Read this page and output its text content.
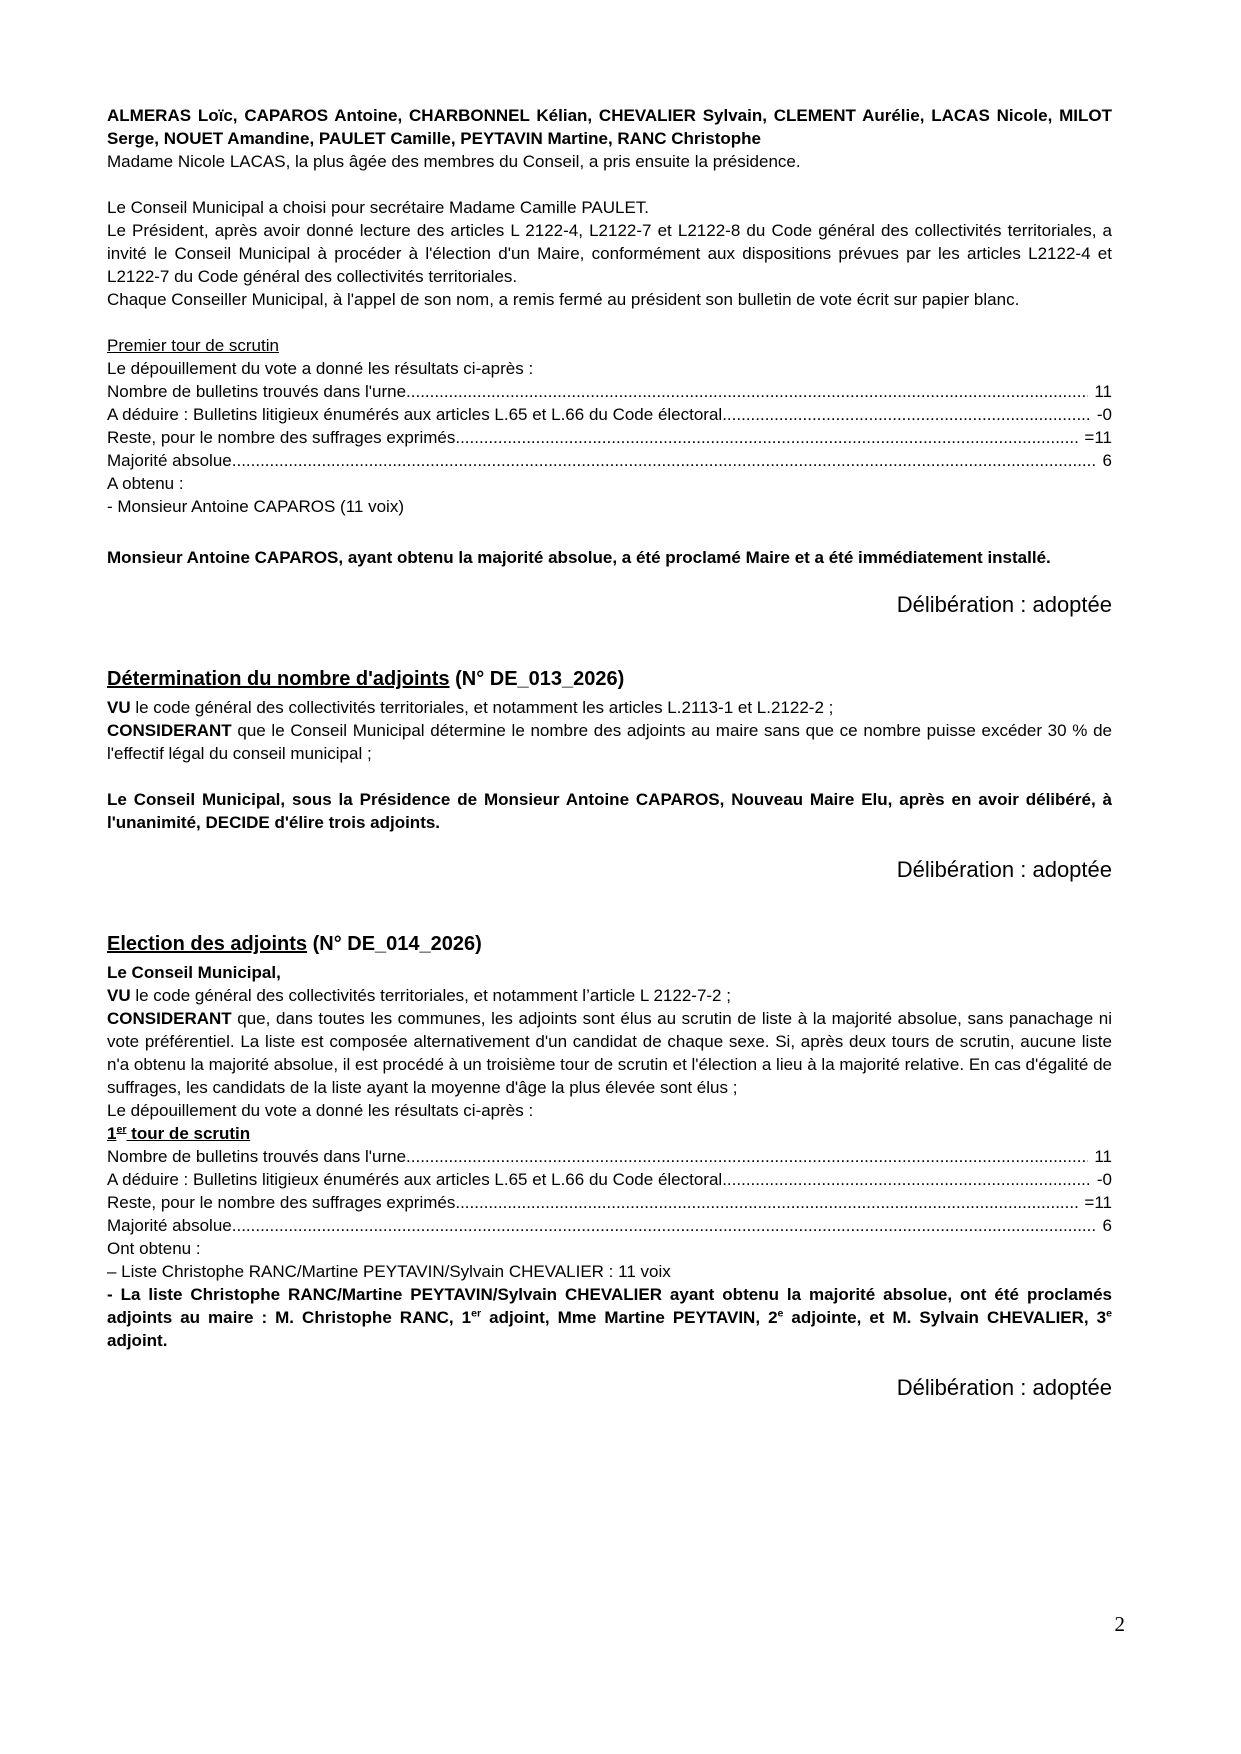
ALMERAS Loïc, CAPAROS Antoine, CHARBONNEL Kélian, CHEVALIER Sylvain, CLEMENT Aurélie, LACAS Nicole, MILOT Serge, NOUET Amandine, PAULET Camille, PEYTAVIN Martine, RANC Christophe
Madame Nicole LACAS, la plus âgée des membres du Conseil, a pris ensuite la présidence.
Le Conseil Municipal a choisi pour secrétaire Madame Camille PAULET.
Le Président, après avoir donné lecture des articles L 2122-4, L2122-7 et L2122-8 du Code général des collectivités territoriales, a invité le Conseil Municipal à procéder à l'élection d'un Maire, conformément aux dispositions prévues par les articles L2122-4 et L2122-7 du Code général des collectivités territoriales.
Chaque Conseiller Municipal, à l'appel de son nom, a remis fermé au président son bulletin de vote écrit sur papier blanc.
Premier tour de scrutin
Le dépouillement du vote a donné les résultats ci-après :
Nombre de bulletins trouvés dans l'urne .....	11
A déduire : Bulletins litigieux énumérés aux articles L.65 et L.66 du Code électoral .....	-0
Reste, pour le nombre des suffrages exprimés .....	=11
Majorité absolue .....	6
A obtenu :
- Monsieur Antoine CAPAROS (11 voix)
Monsieur Antoine CAPAROS, ayant obtenu la majorité absolue, a été proclamé Maire et a été immédiatement installé.
Délibération : adoptée
Détermination du nombre d'adjoints (N° DE_013_2026)
VU le code général des collectivités territoriales, et notamment les articles L.2113-1 et L.2122-2 ;
CONSIDERANT que le Conseil Municipal détermine le nombre des adjoints au maire sans que ce nombre puisse excéder 30 % de l'effectif légal du conseil municipal ;
Le Conseil Municipal, sous la Présidence de Monsieur Antoine CAPAROS, Nouveau Maire Elu, après en avoir délibéré, à l'unanimité, DECIDE d'élire trois adjoints.
Délibération : adoptée
Election des adjoints (N° DE_014_2026)
Le Conseil Municipal,
VU le code général des collectivités territoriales, et notamment l’article L 2122-7-2 ;
CONSIDERANT que, dans toutes les communes, les adjoints sont élus au scrutin de liste à la majorité absolue, sans panachage ni vote préférentiel. La liste est composée alternativement d'un candidat de chaque sexe. Si, après deux tours de scrutin, aucune liste n'a obtenu la majorité absolue, il est procédé à un troisième tour de scrutin et l'élection a lieu à la majorité relative. En cas d'égalité de suffrages, les candidats de la liste ayant la moyenne d'âge la plus élevée sont élus ;
Le dépouillement du vote a donné les résultats ci-après :
1er tour de scrutin
Nombre de bulletins trouvés dans l'urne .....	11
A déduire : Bulletins litigieux énumérés aux articles L.65 et L.66 du Code électoral .....	-0
Reste, pour le nombre des suffrages exprimés .....	=11
Majorité absolue .....	6
Ont obtenu :
– Liste Christophe RANC/Martine PEYTAVIN/Sylvain CHEVALIER : 11 voix
- La liste Christophe RANC/Martine PEYTAVIN/Sylvain CHEVALIER ayant obtenu la majorité absolue, ont été proclamés adjoints au maire : M. Christophe RANC, 1er adjoint, Mme Martine PEYTAVIN, 2e adjointe, et M. Sylvain CHEVALIER, 3e adjoint.
Délibération : adoptée
2
